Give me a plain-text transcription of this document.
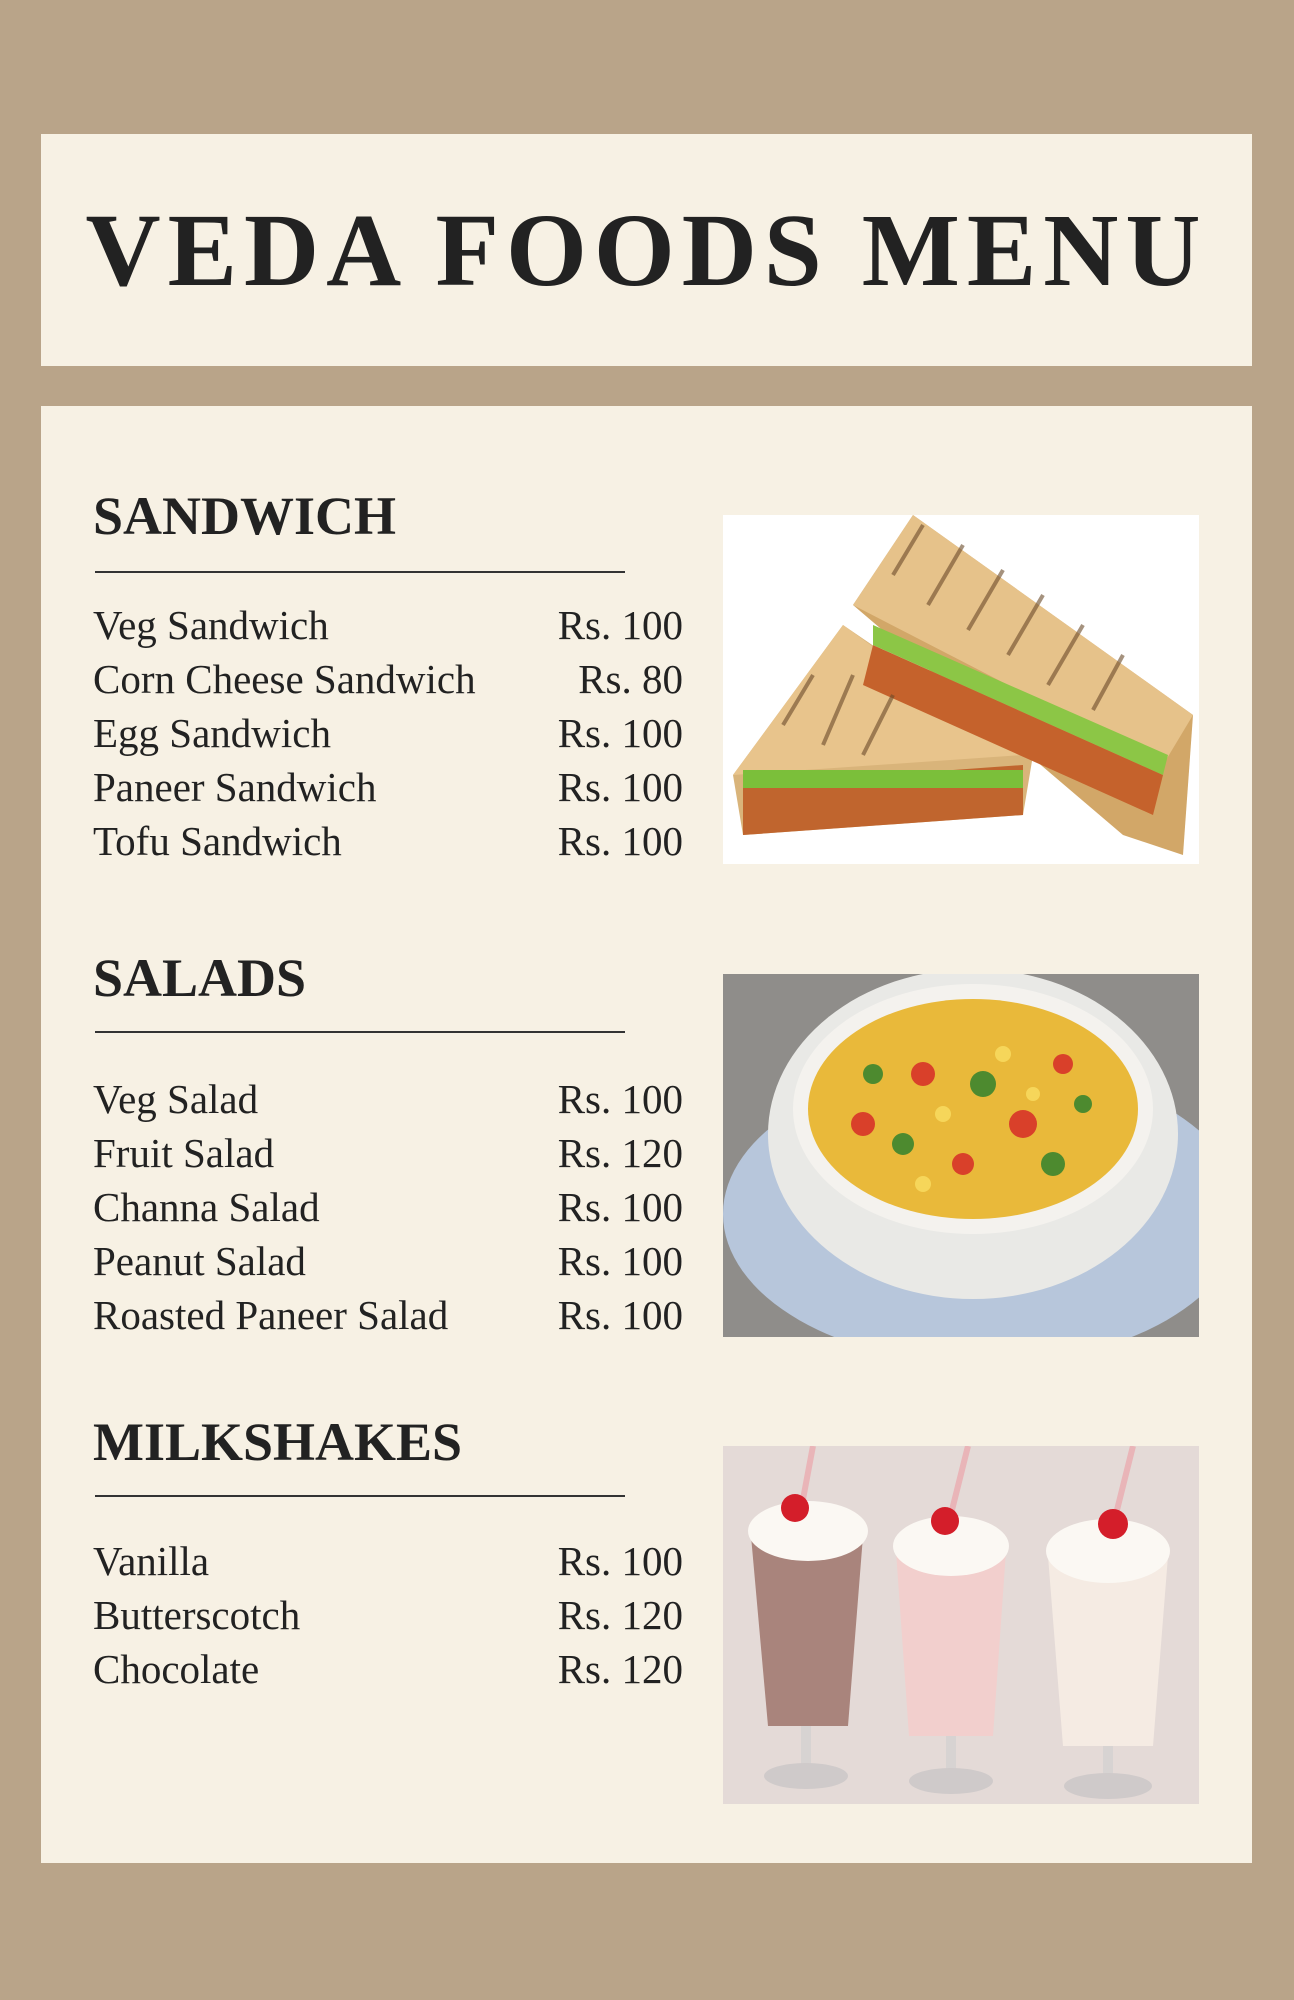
VEDA FOODS MENU
SANDWICH
Veg Sandwich	Rs. 100
Corn Cheese Sandwich	Rs. 80
Egg Sandwich	Rs. 100
Paneer Sandwich	Rs. 100
Tofu Sandwich	Rs. 100
SALADS
Veg Salad	Rs. 100
Fruit Salad	Rs. 120
Channa Salad	Rs. 100
Peanut Salad	Rs. 100
Roasted Paneer Salad	Rs. 100
MILKSHAKES
Vanilla	Rs. 100
Butterscotch	Rs. 120
Chocolate	Rs. 120
